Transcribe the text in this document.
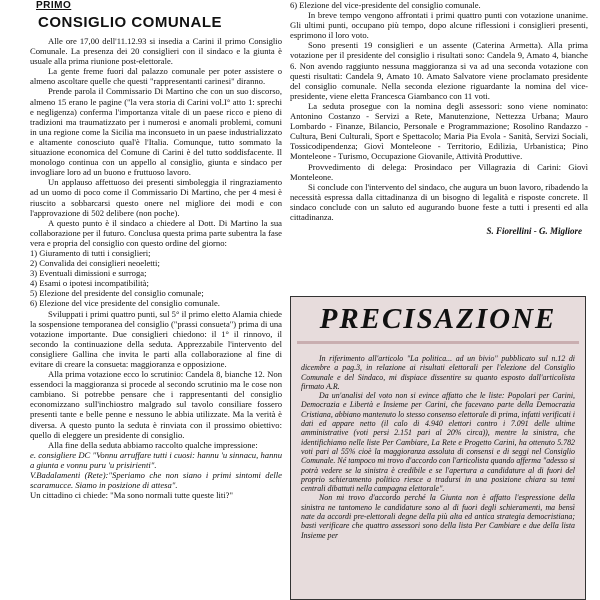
PRIMO
CONSIGLIO COMUNALE

Alle ore 17,00 dell'11.12.93 si insedia a Carini il primo Consiglio Comunale. La presenza dei 20 consiglieri con il sindaco e la giunta è usuale alla prima riunione post-elettorale.

La gente freme fuori dal palazzo comunale per poter assistere o almeno ascoltare quelle che questi "rappresentanti carinesi" diranno.

Prende parola il Commissario Di Martino che con un suo discorso, almeno 15 erano le pagine ("la vera storia di Carini vol.I° atto 1: sprechi e negligenza) conferma l'importanza vitale di un paese ricco e pieno di tradizioni ma traumatizzato per i numerosi e anomali problemi, comuni in una regione come la Sicilia ma inconsueto in un paese industrializzato e altamente conosciuto qual'è l'Italia. Comunque, tutto sommato la situazione economica del Comune di Carini è del tutto soddisfacente. Il monologo continua con un appello al consiglio, giunta e sindaco per invogliare loro ad un buono e fruttuoso lavoro.

Un applauso affettuoso dei presenti simboleggia il ringraziamento ad un uomo di poco come il Commissario Di Martino, che per 4 mesi è riuscito a sobbarcarsi questo onere nel migliore dei modi e con l'approvazione di 502 delibere (non poche).

A questo punto è il sindaco a chiedere al Dott. Di Martino la sua collaborazione per il futuro. Conclusa questa prima parte subentra la fase vera e propria del consiglio con questo ordine del giorno:

1) Giuramento di tutti i consiglieri;

2) Convalida dei consiglieri neoeletti;

3) Eventuali dimissioni e surroga;

4) Esami o ipotesi incompatibilità;

5) Elezione del presidente del consiglio comunale;

6) Elezione del vice presidente del consiglio comunale.

Sviluppati i primi quattro punti, sul 5° il primo eletto Alamia chiede la sospensione temporanea del consiglio ("prassi consueta") prima di una votazione importante. Due consiglieri chiedono: il 1° il rinnovo, il secondo la continuazione della seduta. Apprezzabile l'intervento del consigliere Gallina che invita le parti alla collaborazione al fine di evitare di creare la consueta: maggioranza e opposizione.

Alla prima votazione ecco lo scrutinio: Candela 8, bianche 12. Non essendoci la maggioranza si procede al secondo scrutinio ma le cose non cambiano. Si potrebbe pensare che i rappresentanti del consiglio economizzano sull'inchiostro malgrado sul tavolo consiliare fossero presenti tante e belle penne e nessuno le abbia utilizzate. Ma la verità è diversa. A questo punto la seduta è rinviata con il prossimo obiettivo: quello di eleggere un presidente di consiglio.

Alla fine della seduta abbiamo raccolto qualche impressione:

e. consigliere DC "Vonnu arruffare tutti i cuosi: hannu 'u sinnacu, hannu a giunta e vonnu puru 'u prisirienti".

V.Badalamenti (Rete):"Speriamo che non siano i primi sintomi delle scaramucce. Siamo in posizione di attesa".

Un cittadino ci chiede: "Ma sono normali tutte queste liti?"

6) Elezione del vice-presidente del consiglio comunale.

In breve tempo vengono affrontati i primi quattro punti con votazione unanime. Gli ultimi punti, occupano più tempo, dopo alcune riflessioni i consiglieri presenti, esprimono il loro voto.

Sono presenti 19 consiglieri e un assente (Caterina Armetta). Alla prima votazione per il presidente del consiglio i risultati sono: Candela 9, Amato 4, bianche 6. Non avendo raggiunto nessuna maggioranza si va ad una seconda votazione con questi risultati: Candela 9, Amato 10. Amato Salvatore viene proclamato presidente del consiglio comunale. Nella seconda elezione riguardante la nomina del vice-presidente, viene eletta Francesca Giambanco con 11 voti.

La seduta prosegue con la nomina degli assessori: sono viene nominato: Antonino Costanzo - Servizi a Rete, Manutenzione, Nettezza Urbana; Mauro Lombardo - Finanze, Bilancio, Personale e Programmazione; Rosolino Randazzo - Cultura, Beni Culturali, Sport e Spettacolo; Maria Pia Evola - Sanità, Servizi Sociali, Tossicodipendenza; Giovì Monteleone - Territorio, Edilizia, Urbanistica; Pino Monteleone - Turismo, Occupazione Giovanile, Attività Produttive.

Provvedimento di delega: Prosindaco per Villagrazia di Carini: Giovì Monteleone.

Si conclude con l'intervento del sindaco, che augura un buon lavoro, ribadendo la necessità espressa dalla cittadinanza di un bisogno di legalità e risposte concrete. Il sindaco conclude con un saluto ed augurando buone feste a tutti i presenti ed alla cittadinanza.

S. Fiorellini - G. Migliore
PRECISAZIONE

In riferimento all'articolo "La politica... ad un bivio" pubblicato sul n.12 di dicembre a pag.3, in relazione ai risultati elettorali per l'elezione del Consiglio Comunale e del Sindaco, mi dispiace dissentire su quanto esposto dall'articolista firmato A.R.

Da un'analisi del voto non si evince affatto che le liste: Popolari per Carini, Democrazia e Libertà e Insieme per Carini, che facevano parte della Democrazia Cristiana, abbiano mantenuto lo stesso consenso elettorale di prima, infatti verificati i dati ed appare netto (il calo di 4.940 elettori contro i 7.091 delle ultime amministrative (voti persi 2.151 pari al 20% circa)), mentre la sinistra, che identifichiamo nelle liste Per Cambiare, La Rete e Progetto Carini, ha ottenuto 5.782 voti pari al 55% cioè la maggioranza assoluta di consensi e di seggi nel Consiglio Comunale. Né tampoco mi trovo d'accordo con l'articolista quando afferma "adesso si potrà vedere se la sinistra è credibile e se l'apertura a candidature al di fuori del proprio schieramento politico riesce a tradursi in una posizione chiara su temi centrali dibattuti nella campagna elettorale".

Non mi trovo d'accordo perché la Giunta non è affatto l'espressione della sinistra ne tantomeno le candidature sono al di fuori degli schieramenti, ma bensì nate da accordi pre-elettorali degne della più alta ed antica strategia democristiana; basti verificare che quattro assessori sono della lista Per Cambiare e due della lista Insieme per
